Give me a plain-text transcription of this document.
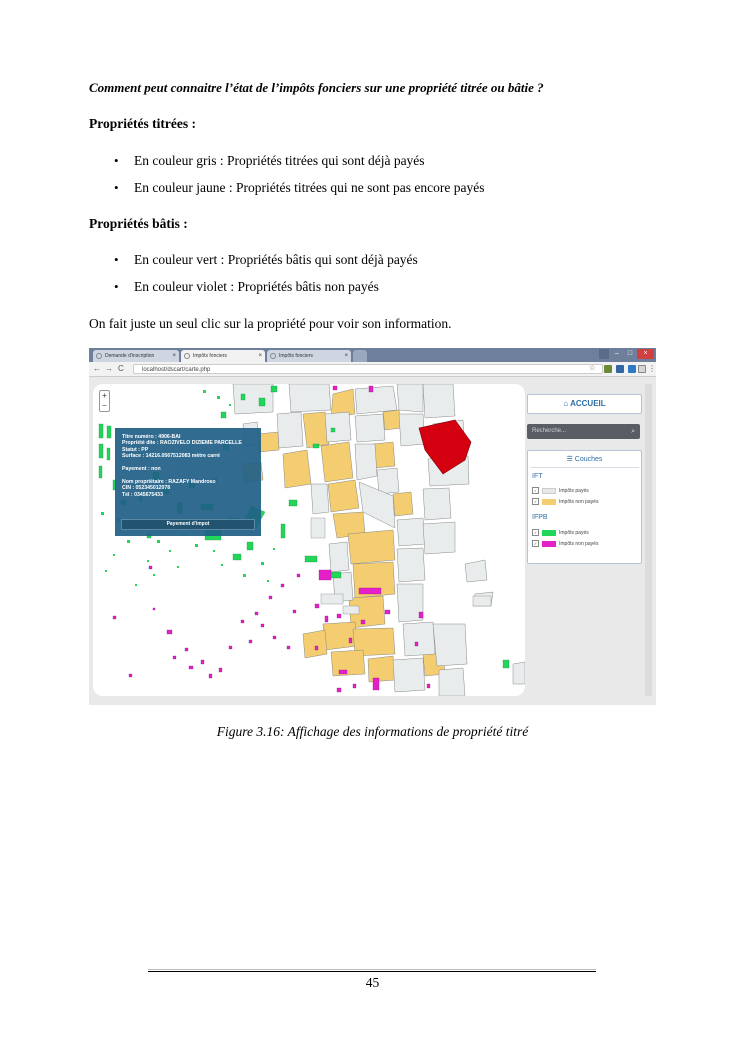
Comment peut connaitre l’état de l’impôts fonciers sur une propriété titrée ou bâtie ?
Propriétés titrées :
• En couleur gris : Propriétés titrées qui sont déjà payés
• En couleur jaune : Propriétés titrées qui ne sont pas encore payés
Propriétés bâtis :
• En couleur vert : Propriétés bâtis qui sont déjà payés
• En couleur violet : Propriétés bâtis non payés
On fait juste un seul clic sur la propriété pour voir son information.
Demande d'inscription	×	Impôts fonciers	×	Impôts fonciers	×	–	□	×
← → C	localhost/dscart/carte.php	☆	⋮
+
−
Titre numéro : 4906-BAI
Propriété dite : RAOZIVELO DIZIEME PARCELLE
Statut : PP
Surface : 14216.0567512083 mètre carré
Payement : non
Nom propriétaire : RAZAFY Mandroso
CIN : 052345012078
Tél : 0345675433
Payement d'impot
⌂ ACCUEIL
Recherche...	⌕
☰ Couches
IFT
✓	Impôts payés
✓	Impôts non payés
IFPB
✓	Impôts payés
✓	Impôts non payés
Figure 3.16: Affichage des informations de propriété titré
45
